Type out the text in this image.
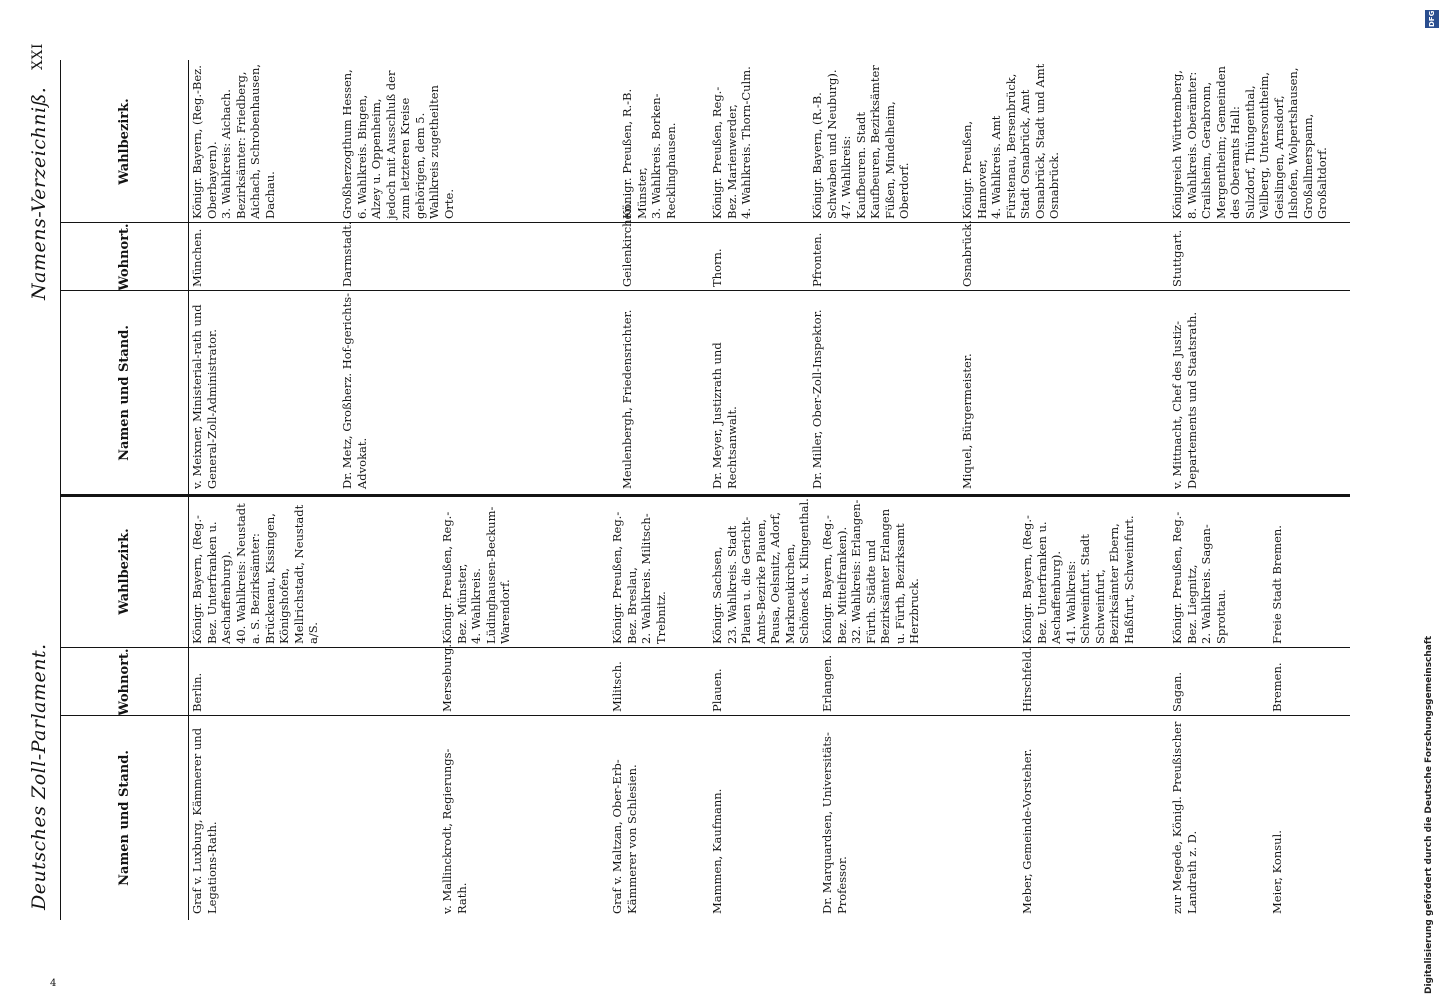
Deutsches Zoll-Parlament.
Namens-Verzeichniß.
XXI
Namen und Stand.
Wohnort.
Wahlbezirk.
Graf v. Luxburg, Kämmerer und Legations-Rath.
Berlin.
Königr. Bayern, (Reg.-Bez. Unterfranken u. Aschaffenburg).
40. Wahlkreis: Neustadt a. S. Bezirksämter: Brückenau, Kissingen, Königshofen, Mellrichstadt, Neustadt a/S.
v. Mallinckrodt, Regierungs-Rath.
Merseburg.
Königr. Preußen, Reg.-Bez. Münster,
4. Wahlkreis. Lüdinghausen-Beckum-Warendorf.
Graf v. Maltzan, Ober-Erb-Kämmerer von Schlesien.
Militsch.
Königr. Preußen, Reg.-Bez. Breslau,
2. Wahlkreis. Militsch-Trebnitz.
Mammen, Kaufmann.
Plauen.
Königr. Sachsen,
23. Wahlkreis. Stadt Plauen u. die Gericht-Amts-Bezirke Plauen, Pausa, Oelsnitz, Adorf, Markneukirchen, Schöneck u. Klingenthal.
Dr. Marquardsen, Universitäts-Professor.
Erlangen.
Königr. Bayern, (Reg.-Bez. Mittelfranken).
32. Wahlkreis: Erlangen-Fürth. Städte und Bezirksämter Erlangen u. Fürth, Bezirksamt Herzbruck.
Meber, Gemeinde-Vorsteher.
Hirschfeld.
Königr. Bayern, (Reg.-Bez. Unterfranken u. Aschaffenburg).
41. Wahlkreis: Schweinfurt. Stadt Schweinfurt, Bezirksämter Ebern, Haßfurt, Schweinfurt.
zur Megede, Königl. Preußischer Landrath z. D.
Sagan.
Königr. Preußen, Reg.-Bez. Liegnitz,
2. Wahlkreis. Sagan-Sprottau.
Meier, Konsul.
Bremen.
Freie Stadt Bremen.
Namen und Stand.
Wohnort.
Wahlbezirk.
v. Meixner, Ministerial-rath und General-Zoll-Administrator.
München.
Königr. Bayern, (Reg.-Bez. Oberbayern).
3. Wahlkreis: Aichach. Bezirksämter: Friedberg, Aichach, Schrobenhausen, Dachau.
Dr. Metz, Großherz. Hof-gerichts-Advokat.
Darmstadt.
Großherzogthum Hessen,
6. Wahlkreis. Bingen, Alzey u. Oppenheim, jedoch mit Ausschluß der zum letzteren Kreise gehörigen, dem 5. Wahlkreis zugetheilten Orte.
Meulenbergh, Friedensrichter.
Geilenkirchen.
Königr. Preußen, R.-B. Münster,
3. Wahlkreis. Borken-Recklinghausen.
Dr. Meyer, Justizrath und Rechtsanwalt.
Thorn.
Königr. Preußen, Reg.-Bez. Marienwerder,
4. Wahlkreis. Thorn-Culm.
Dr. Miller, Ober-Zoll-Inspektor.
Pfronten.
Königr. Bayern, (R.-B. Schwaben und Neuburg).
47. Wahlkreis: Kaufbeuren. Stadt Kaufbeuren, Bezirksämter Füßen, Mindelheim, Oberdorf.
Miquel, Bürgermeister.
Osnabrück.
Königr. Preußen, Hannover,
4. Wahlkreis. Amt Fürstenau, Bersenbrück, Stadt Osnabrück, Amt Osnabrück, Stadt und Amt Osnabrück.
v. Mittnacht, Chef des Justiz-Departements und Staatsrath.
Stuttgart.
Königreich Württemberg,
8. Wahlkreis. Oberämter: Crailsheim, Gerabronn, Mergentheim; Gemeinden des Oberamts Hall: Sulzdorf, Thüngenthal, Vellberg, Untersontheim, Geislingen, Arnsdorf, Ilshofen, Wolpertshausen, Großallmerspann, Großaltdorf.
DFG
Digitalisierung gefördert durch die Deutsche Forschungsgemeinschaft
4
